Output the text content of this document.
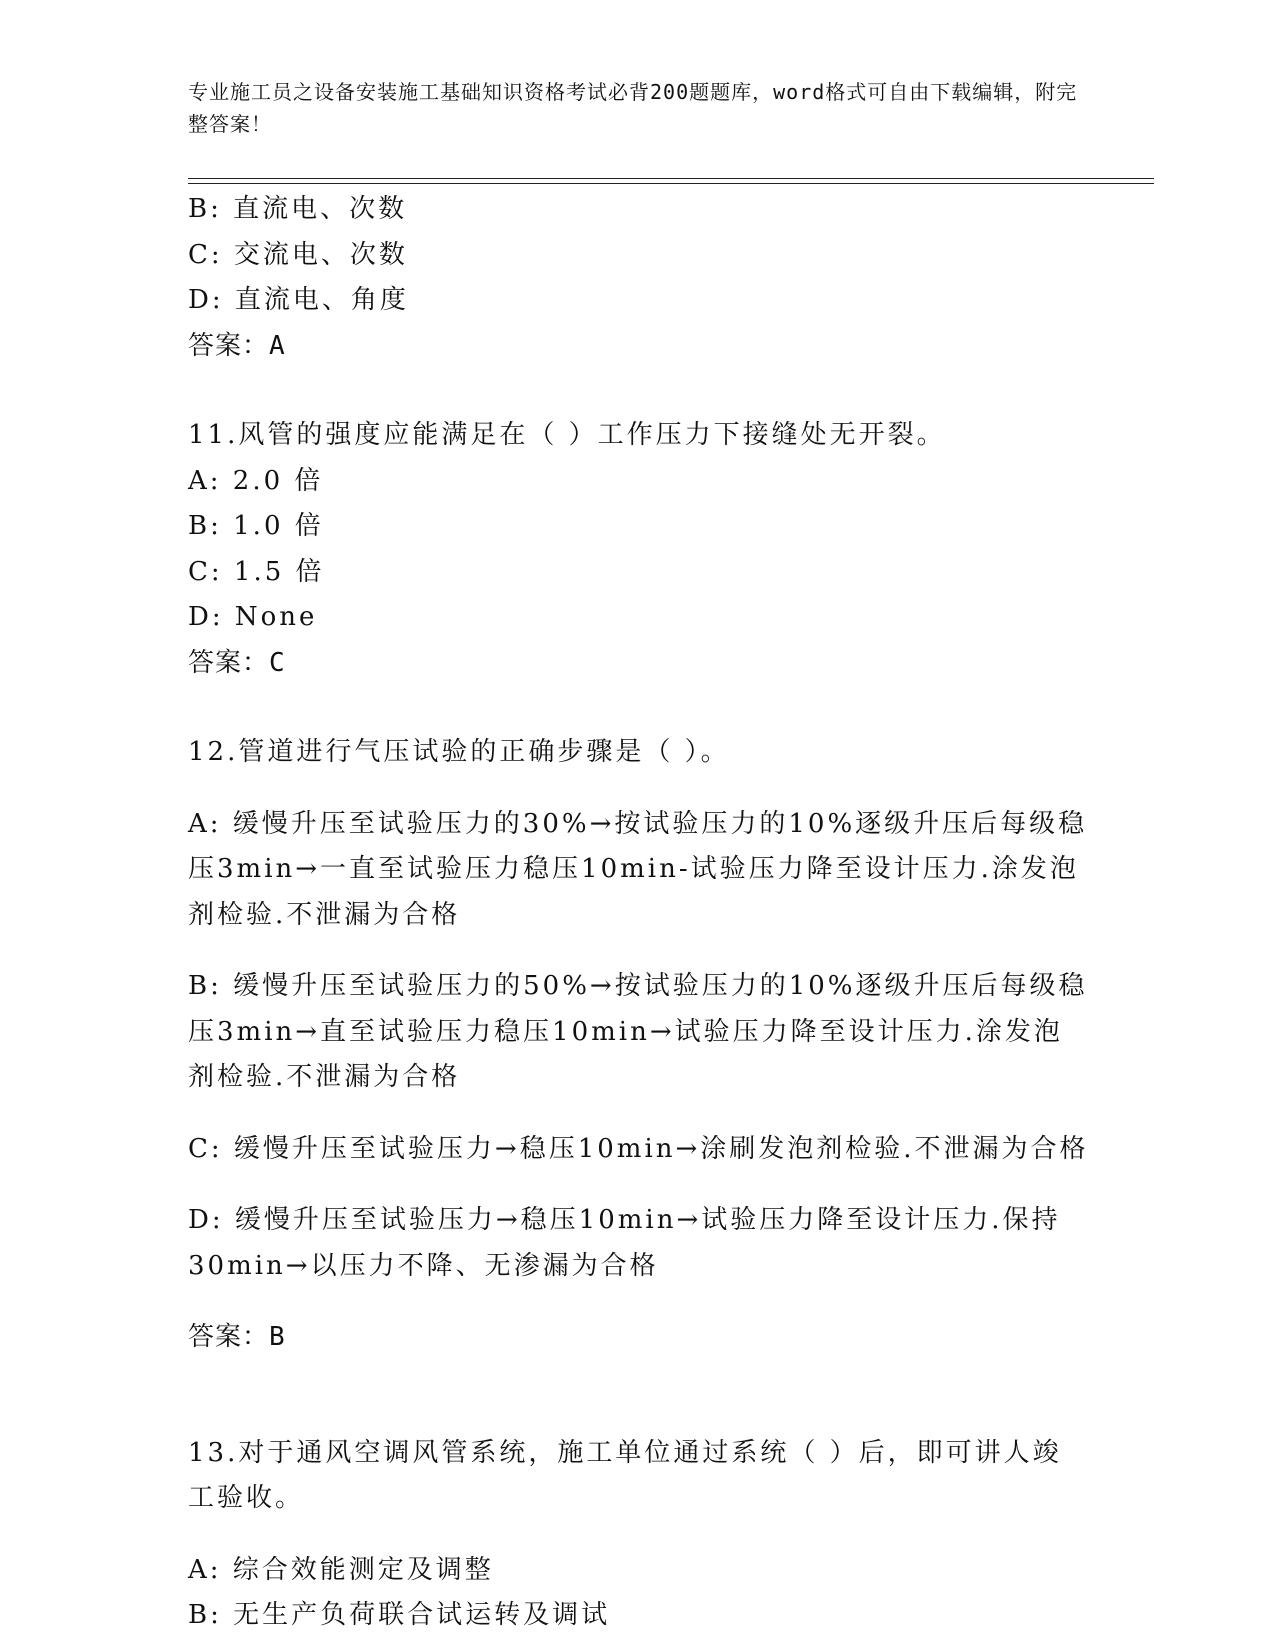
专业施工员之设备安装施工基础知识资格考试必背200题题库，word格式可自由下载编辑，附完整答案！

B: 直流电、次数

C: 交流电、次数

D: 直流电、角度

答案：A

11.风管的强度应能满足在（ ）工作压力下接缝处无开裂。

A: 2.0 倍

B: 1.0 倍

C: 1.5 倍

D: None

答案：C

12.管道进行气压试验的正确步骤是（ ）。

A: 缓慢升压至试验压力的30%→按试验压力的10%逐级升压后每级稳压3min→一直至试验压力稳压10min-试验压力降至设计压力.涂发泡剂检验.不泄漏为合格

B: 缓慢升压至试验压力的50%→按试验压力的10%逐级升压后每级稳压3min→直至试验压力稳压10min→试验压力降至设计压力.涂发泡剂检验.不泄漏为合格

C: 缓慢升压至试验压力→稳压10min→涂刷发泡剂检验.不泄漏为合格

D: 缓慢升压至试验压力→稳压10min→试验压力降至设计压力.保持30min→以压力不降、无渗漏为合格

答案：B

13.对于通风空调风管系统，施工单位通过系统（ ）后，即可讲人竣工验收。

A: 综合效能测定及调整

B: 无生产负荷联合试运转及调试
